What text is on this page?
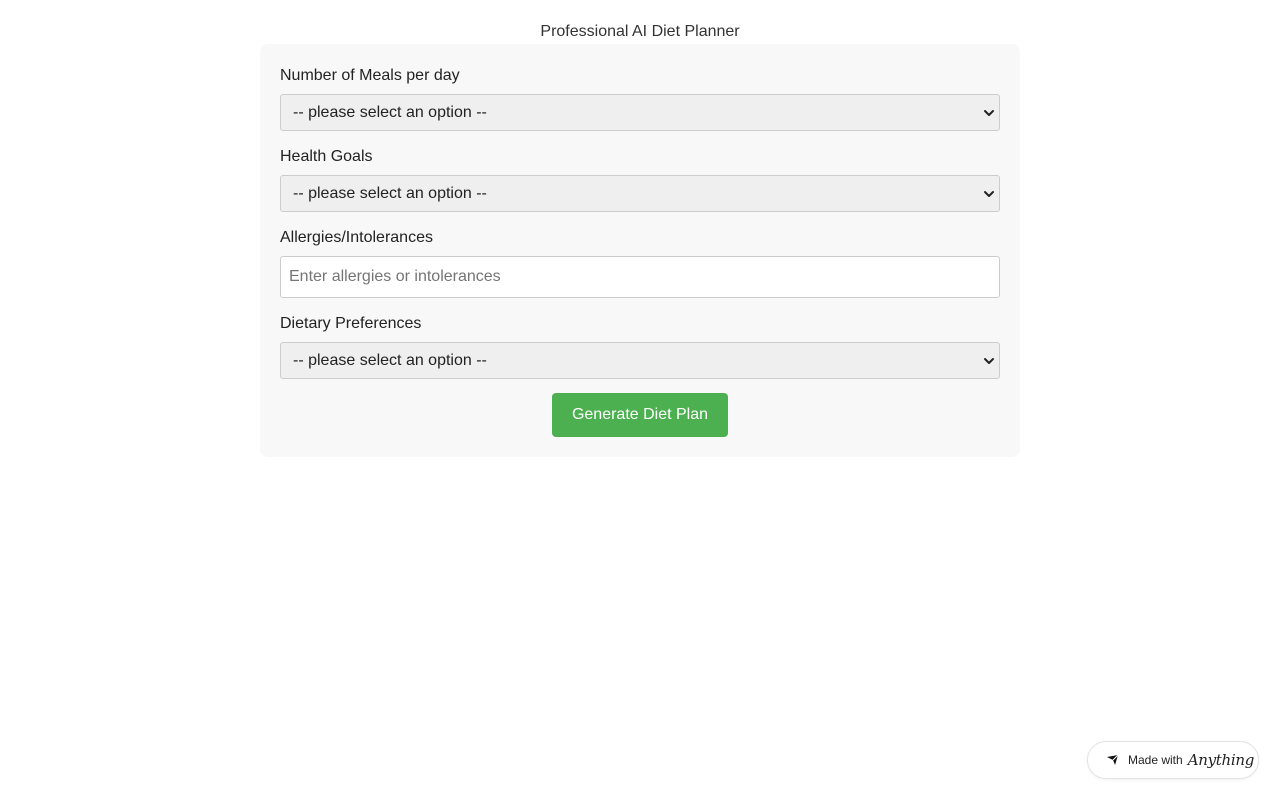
Professional AI Diet Planner
Number of Meals per day
-- please select an option --
Health Goals
-- please select an option --
Allergies/Intolerances
Enter allergies or intolerances
Dietary Preferences
-- please select an option --
Generate Diet Plan
Made with Anything
